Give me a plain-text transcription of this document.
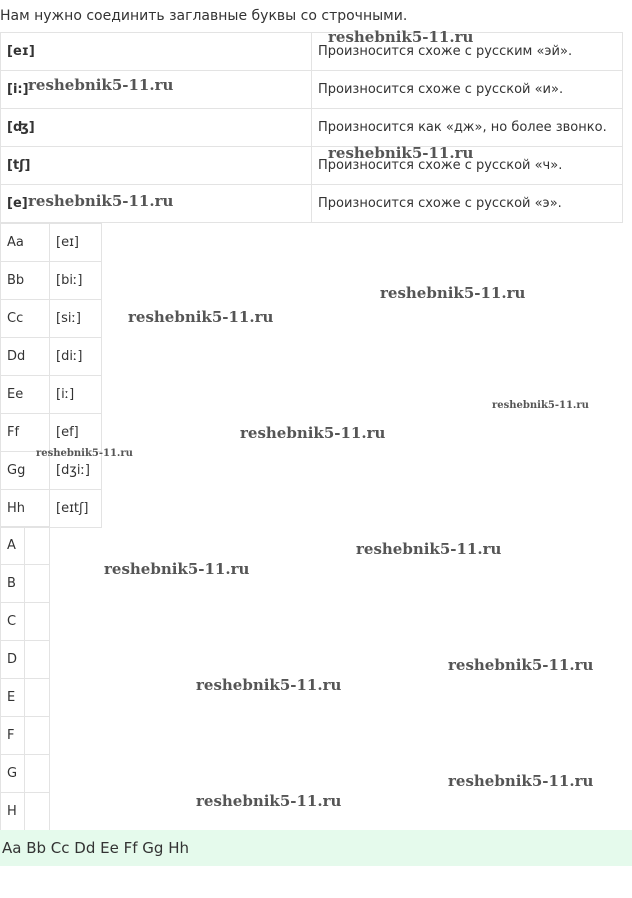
Нам нужно соединить заглавные буквы со строчными.
[eɪ]	Произносится схоже с русским «эй».
[i:]	Произносится схоже с русской «и».
[ʤ]	Произносится как «дж», но более звонко.
[tʃ]	Произносится схоже с русской «ч».
[e]	Произносится схоже с русской «э».
Aa	[eɪ]
Bb	[biː]
Cc	[siː]
Dd	[diː]
Ee	[iː]
Ff	[ef]
Gg	[dʒiː]
Hh	[eɪtʃ]
A	
B	
C	
D	
E	
F	
G	
H	
Aa Bb Cc Dd Ee Ff Gg Hh
reshebnik5-11.ru
reshebnik5-11.ru
reshebnik5-11.ru
reshebnik5-11.ru
reshebnik5-11.ru
reshebnik5-11.ru
reshebnik5-11.ru
reshebnik5-11.ru
reshebnik5-11.ru
reshebnik5-11.ru
reshebnik5-11.ru
reshebnik5-11.ru
reshebnik5-11.ru
reshebnik5-11.ru
reshebnik5-11.ru
